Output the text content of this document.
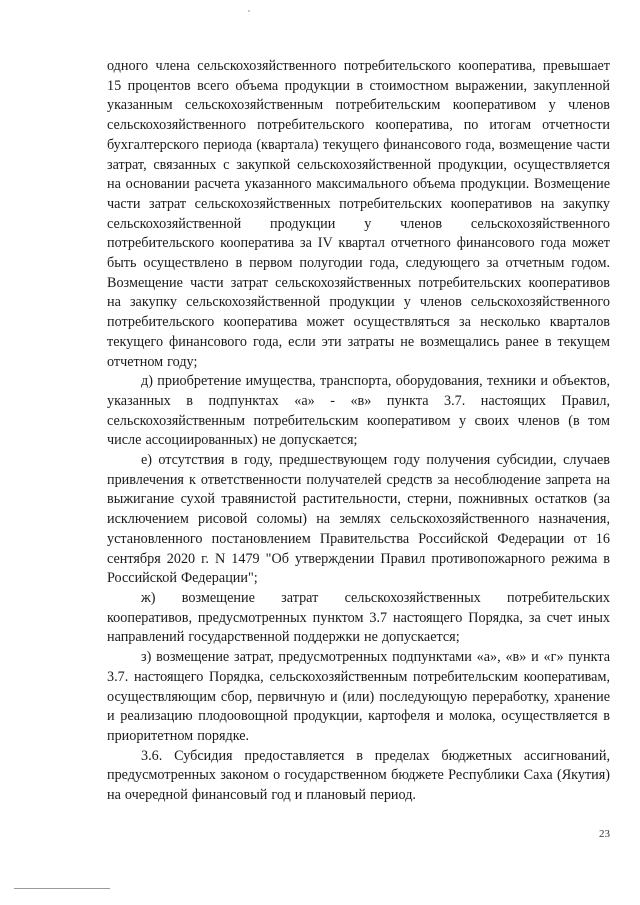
одного члена сельскохозяйственного потребительского кооператива, превышает 15 процентов всего объема продукции в стоимостном выражении, закупленной указанным сельскохозяйственным потребительским кооперативом у членов сельскохозяйственного потребительского кооператива, по итогам отчетности бухгалтерского периода (квартала) текущего финансового года, возмещение части затрат, связанных с закупкой сельскохозяйственной продукции, осуществляется на основании расчета указанного максимального объема продукции. Возмещение части затрат сельскохозяйственных потребительских кооперативов на закупку сельскохозяйственной продукции у членов сельскохозяйственного потребительского кооператива за IV квартал отчетного финансового года может быть осуществлено в первом полугодии года, следующего за отчетным годом. Возмещение части затрат сельскохозяйственных потребительских кооперативов на закупку сельскохозяйственной продукции у членов сельскохозяйственного потребительского кооператива может осуществляться за несколько кварталов текущего финансового года, если эти затраты не возмещались ранее в текущем отчетном году;

д) приобретение имущества, транспорта, оборудования, техники и объектов, указанных в подпунктах «а» - «в» пункта 3.7. настоящих Правил, сельскохозяйственным потребительским кооперативом у своих членов (в том числе ассоциированных) не допускается;

е) отсутствия в году, предшествующем году получения субсидии, случаев привлечения к ответственности получателей средств за несоблюдение запрета на выжигание сухой травянистой растительности, стерни, пожнивных остатков (за исключением рисовой соломы) на землях сельскохозяйственного назначения, установленного постановлением Правительства Российской Федерации от 16 сентября 2020 г. N 1479 "Об утверждении Правил противопожарного режима в Российской Федерации";

ж) возмещение затрат сельскохозяйственных потребительских кооперативов, предусмотренных пунктом 3.7 настоящего Порядка, за счет иных направлений государственной поддержки не допускается;

з) возмещение затрат, предусмотренных подпунктами «а», «в» и «г» пункта 3.7. настоящего Порядка, сельскохозяйственным потребительским кооперативам, осуществляющим сбор, первичную и (или) последующую переработку, хранение и реализацию плодоовощной продукции, картофеля и молока, осуществляется в приоритетном порядке.

3.6. Субсидия предоставляется в пределах бюджетных ассигнований, предусмотренных законом о государственном бюджете Республики Саха (Якутия) на очередной финансовый год и плановый период.

23
